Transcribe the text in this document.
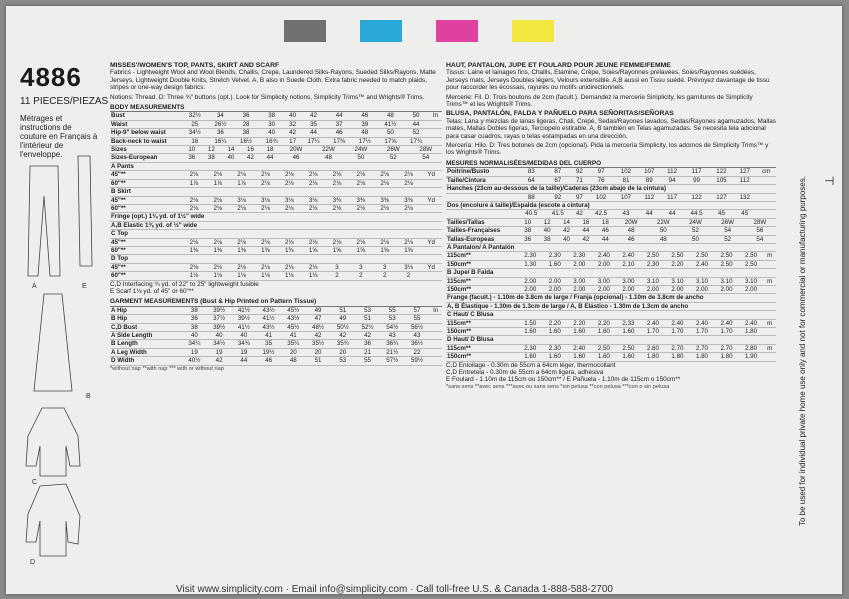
4886
11 PIECES/PIEZAS
Métrages et instructions de couture en Français à l'intérieur de l'enveloppe.
A	E
B
C
D
MISSES'/WOMEN'S TOP, PANTS, SKIRT AND SCARF
Fabrics - Lightweight Wool and Wool Blends, Challis, Crepe, Laundered Silks-Rayons, Sueded Silks/Rayons, Matte Jerseys, Lightweight Double Knits, Stretch Velvet. A, B also in Suede Cloth. Extra fabric needed to match plaids, stripes or one-way design fabrics.
Notions: Thread. D: Three ¾" buttons (opt.). Look for Simplicity notions, Simplicity Trims™ and Wrights® Trims.
BODY MEASUREMENTS
Bust	32½	34	36	38	40	42	44	46	48	50	In
Waist	25	26½	28	30	32	35	37	39	41½	44	
Hip-9" below waist	34½	36	38	40	42	44	46	48	50	52	
Back-neck to waist	16	16¼	16½	16¾	17	17¼	17⅜	17½	17⅝	17¾	
Sizes	10	12	14	16	18	20W	22W	24W	26W	28W
Sizes-European	36	38	40	42	44	46	48	50	52	54
A Pants											
45"**	2⅛	2⅛	2⅛	2⅛	2⅛	2⅛	2⅛	2⅛	2⅛	2⅛	Yd
60"**	1⅞	1⅞	1⅞	2⅛	2⅛	2⅛	2⅛	2⅛	2⅛	2⅛	
B Skirt											
45"**	2⅛	2⅛	3⅛	3⅛	3⅛	3⅛	3⅜	3⅜	3⅜	3⅜	Yd
60"**	2⅛	2⅛	2⅛	2⅛	2⅛	2⅛	2⅛	2⅛	2⅛	2⅛	
Fringe (opt.) 1⅛ yd. of 1½" wide											
A,B Elastic 1⅜ yd. of ½" wide											
C Top											
45"**	2⅛	2⅛	2⅛	2⅛	2⅛	2⅛	2⅛	2⅛	2⅛	2⅛	Yd
60"**	1⅜	1⅜	1⅜	1⅜	1⅜	1⅝	1⅝	1⅝	1⅝	1⅝	
D Top											
45"**	2⅛	2⅛	2⅛	2⅛	2⅛	2⅛	3	3	3	3⅛	Yd
60"**	1⅛	1⅛	1⅛	1⅛	1⅛	1⅛	2	2	2	2	
C,D Interfacing ¾ yd. of 22" to 25" lightweight fusible
E Scarf 1⅛ yd. of 45" or 60"**
GARMENT MEASUREMENTS (Bust & Hip Printed on Pattern Tissue)
A Hip	38	39½	41½	43½	45½	49	51	53	55	57	In
B Hip	36	37½	39½	41½	43½	47	49	51	53	55	
C,D Bust	38	39½	41½	43½	45½	48½	50½	52½	54½	56½	
A Side Length	40	40	40	41	41	42	42	42	43	43	
B Length	34¼	34½	34¾	35	35¼	35½	35¾	36	36¼	36½	
A Leg Width	19	19	19	19½	20	20	20	21	21½	22	
D Width	40½	42	44	46	48	51	53	55	57½	59½	
*without nap **with nap *** with or without nap
HAUT, PANTALON, JUPE ET FOULARD POUR JEUNE FEMME/FEMME
Tissus: Laine et lainages fins, Challis, Etamine, Crêpe, Soies/Rayonnes prélavées, Soies/Rayonnes suédées, Jerseys mats, Jerseys Doubles légers, Velours extensible. A,B aussi en Tissu suédé. Prévoyez davantage de tissu pour raccorder les écossais, rayures ou motifs unidirectionnels.
Mercerie: Fil. D: Trois boutons de 2cm (facult.). Demandez la mercerie Simplicity, les garnitures de Simplicity Trims™ et les Wrights® Trims.
BLUSA, PANTALÓN, FALDA Y PAÑUELO PARA SEÑORITAS/SEÑORAS
Telas: Lana y mezclas de lanas ligeras, Chali, Crepé, Sedas/Rayones lavados, Sedas/Rayones agamuzados, Mallas mates, Mallas Dobles ligeras, Terciopelo estirable. A, B también en Telas agamuzadas. Se necesita tela adicional para casar cuadros, rayas o telas estampadas en una dirección.
Mercería: Hilo. D: Tres botones de 2cm (opcional). Pida la mercería Simplicity, los adornos de Simplicity Trims™ y los Wrights® Trims.
MESURES NORMALISÉES/MEDIDAS DEL CUERPO
Poitrine/Busto	83	87	92	97	102	107	112	117	122	127	cm
Taille/Cintura	64	67	71	76	81	89	94	99	105	112	
Hanches (23cm au-dessous de la taille)/Caderas (23cm abajo de la cintura)											
	88	92	97	102	107	112	117	122	127	132	
Dos (encolure à taille)/Espalda (escote a cintura)											
	40.5	41.5	42	42.5	43	44	44	44.5	45	45	
Tailles/Tallas	10	12	14	16	18	20W	22W	24W	26W	28W
Tailles-Françaises	38	40	42	44	46	48	50	52	54	56
Tallas-Europeas	36	38	40	42	44	46	48	50	52	54
A Pantalon/ A Pantalón											
115cm**	2.30	2.30	2.30	2.40	2.40	2.50	2.50	2.50	2.50	2.50	m
150cm**	1.30	1.60	2.00	2.00	2.10	2.30	2.20	2.40	2.50	2.50	
B Jupe/ B Falda											
115cm**	2.00	2.00	3.00	3.00	3.00	3.10	3.10	3.10	3.10	3.10	m
150cm**	2.00	2.00	2.00	2.00	2.00	2.00	2.00	2.00	2.00	2.00	
Frange (facult.) - 1.10m de 3.8cm de large / Franja (opcional) - 1.10m de 3.8cm de ancho											
A, B Élastique - 1.30m de 1.3cm de large / A, B Elástico - 1.30m de 1.3cm de ancho											
C Haut/ C Blusa											
115cm**	1.50	2.20	2.20	2.20	2.33	2.40	2.40	2.40	2.40	2.40	m
150cm**	1.60	1.60	1.60	1.60	1.60	1.70	1.70	1.70	1.70	1.80	
D Haut/ D Blusa											
115cm**	2.30	2.30	2.40	2.50	2.50	2.60	2.70	2.70	2.70	2.80	m
150cm**	1.60	1.60	1.60	1.60	1.60	1.80	1.80	1.80	1.80	1.90	
C,D Entoilage - 0.30m de 55cm à 64cm léger, thermocollant
C,D Entretela - 0.30m de 55cm a 64cm ligera, adhesiva
E Foulard - 1.10m de 115cm ou 150cm** / E Pañuela - 1.10m de 115cm o 150cm**
*sans sens **avec sens ***avec ou sans sens *sin pelusa **con pelusa ***con o sin pelusa	To be used for individual private home use only and not for commercial or manufacturing purposes. ⊣
Visit www.simplicity.com · Email info@simplicity.com · Call toll-free U.S. & Canada 1-888-588-2700
